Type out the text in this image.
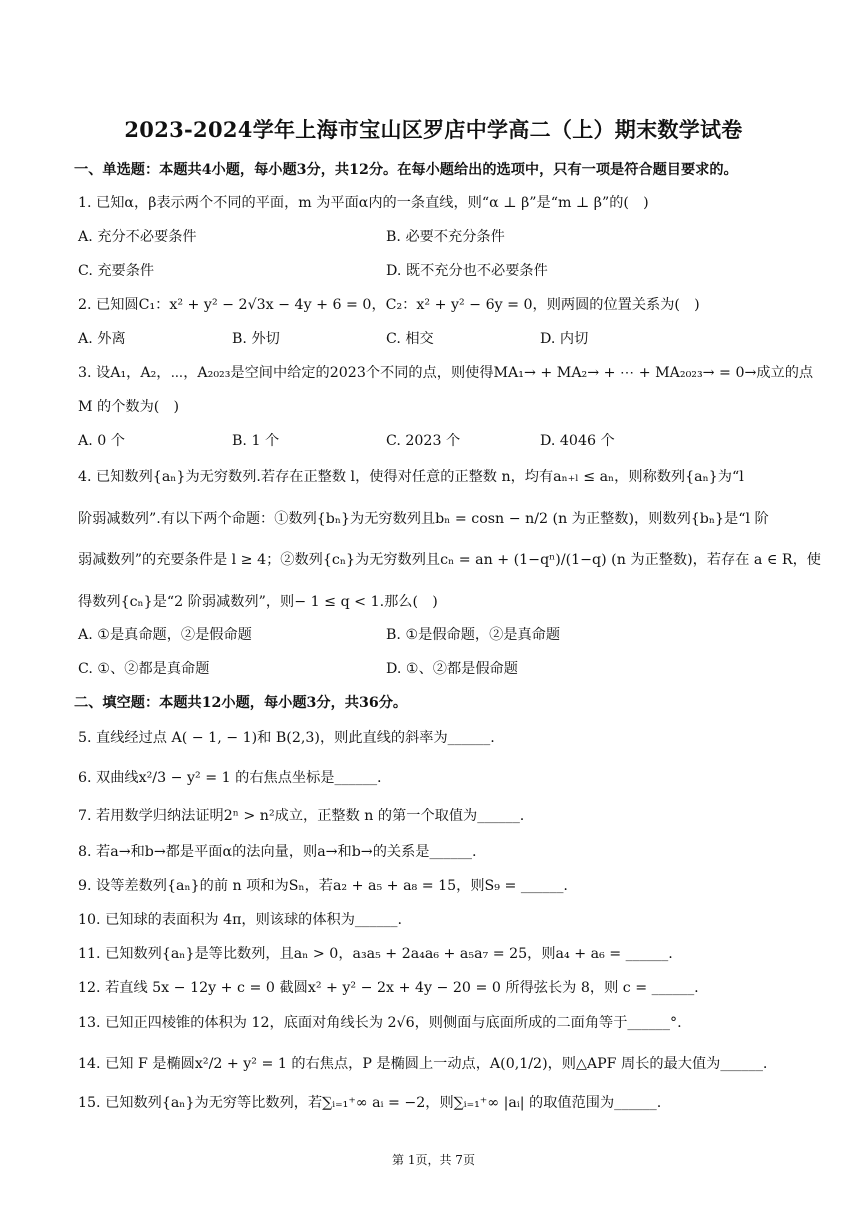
2023-2024学年上海市宝山区罗店中学高二（上）期末数学试卷
一、单选题：本题共4小题，每小题3分，共12分。在每小题给出的选项中，只有一项是符合题目要求的。
1. 已知α，β表示两个不同的平面，m 为平面α内的一条直线，则“α ⊥ β”是“m ⊥ β”的(　)
A. 充分不必要条件	B. 必要不充分条件
C. 充要条件	D. 既不充分也不必要条件
2. 已知圆C₁：x² + y² − 2√3x − 4y + 6 = 0，C₂：x² + y² − 6y = 0，则两圆的位置关系为(　)
A. 外离	B. 外切	C. 相交	D. 内切
3. 设A₁，A₂，⋯，A₂₀₂₃是空间中给定的2023个不同的点，则使得MA₁→ + MA₂→ + ⋯ + MA₂₀₂₃→ = 0→成立的点
M 的个数为(　)
A. 0 个	B. 1 个	C. 2023 个	D. 4046 个
4. 已知数列{aₙ}为无穷数列.若存在正整数 l，使得对任意的正整数 n，均有aₙ₊ₗ ≤ aₙ，则称数列{aₙ}为“l
阶弱减数列”.有以下两个命题：①数列{bₙ}为无穷数列且bₙ = cosn − n/2 (n 为正整数)，则数列{bₙ}是“l 阶
弱减数列”的充要条件是 l ≥ 4；②数列{cₙ}为无穷数列且cₙ = an + (1−qⁿ)/(1−q) (n 为正整数)，若存在 a ∈ R，使
得数列{cₙ}是“2 阶弱减数列”，则− 1 ≤ q < 1.那么(　)
A. ①是真命题，②是假命题	B. ①是假命题，②是真命题
C. ①、②都是真命题	D. ①、②都是假命题
二、填空题：本题共12小题，每小题3分，共36分。
5. 直线经过点 A( − 1, − 1)和 B(2,3)，则此直线的斜率为______.
6. 双曲线x²/3 − y² = 1 的右焦点坐标是______.
7. 若用数学归纳法证明2ⁿ > n²成立，正整数 n 的第一个取值为______.
8. 若a→和b→都是平面α的法向量，则a→和b→的关系是______.
9. 设等差数列{aₙ}的前 n 项和为Sₙ，若a₂ + a₅ + a₈ = 15，则S₉ = ______.
10. 已知球的表面积为 4π，则该球的体积为______.
11. 已知数列{aₙ}是等比数列，且aₙ > 0，a₃a₅ + 2a₄a₆ + a₅a₇ = 25，则a₄ + a₆ = ______.
12. 若直线 5x − 12y + c = 0 截圆x² + y² − 2x + 4y − 20 = 0 所得弦长为 8，则 c = ______.
13. 已知正四棱锥的体积为 12，底面对角线长为 2√6，则侧面与底面所成的二面角等于______°.
14. 已知 F 是椭圆x²/2 + y² = 1 的右焦点，P 是椭圆上一动点，A(0,1/2)，则△APF 周长的最大值为______.
15. 已知数列{aₙ}为无穷等比数列，若∑ᵢ₌₁⁺∞ aᵢ = −2，则∑ᵢ₌₁⁺∞ |aᵢ| 的取值范围为______.
第 1页，共 7页
